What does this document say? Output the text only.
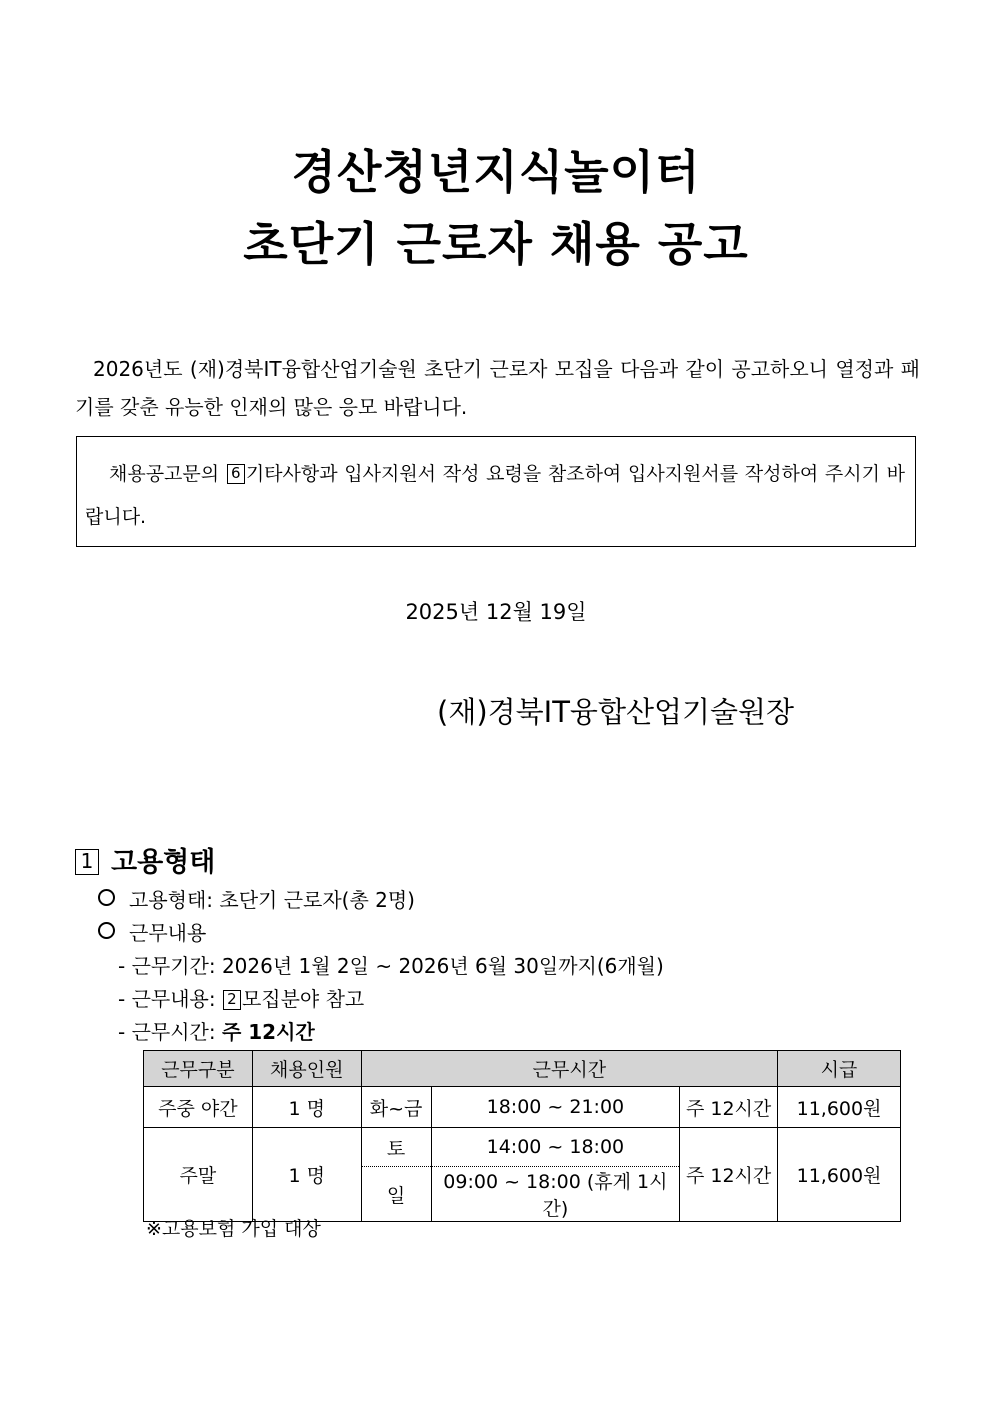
경산청년지식놀이터
초단기 근로자 채용 공고
2026년도 (재)경북IT융합산업기술원 초단기 근로자 모집을 다음과 같이 공고하오니 열정과 패기를 갖춘 유능한 인재의 많은 응모 바랍니다.
채용공고문의 6 기타사항과 입사지원서 작성 요령을 참조하여 입사지원서를 작성하여 주시기 바랍니다.
2025년 12월 19일
(재)경북IT융합산업기술원장
1 고용형태
고용형태: 초단기 근로자(총 2명)
근무내용
- 근무기간: 2026년 1월 2일 ~ 2026년 6월 30일까지(6개월)
- 근무내용: 2 모집분야 참고
- 근무시간: 주 12시간
근무구분	채용인원	근무시간			시급
주중 야간	1 명	화~금	18:00 ~ 21:00	주 12시간	11,600원
주말	1 명	토	14:00 ~ 18:00	주 12시간	11,600원
		일	09:00 ~ 18:00 (휴게 1시간)		
※고용보험 가입 대상
